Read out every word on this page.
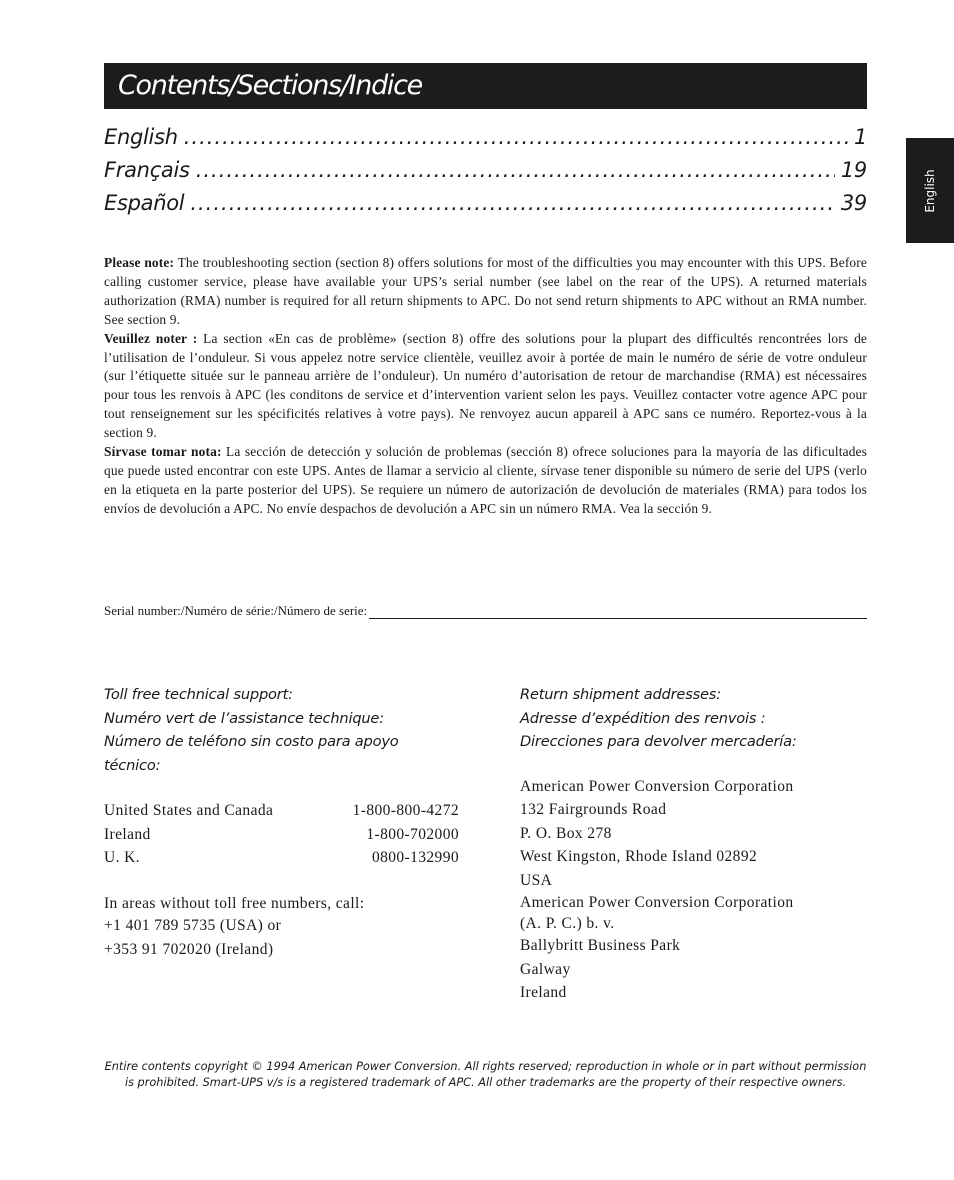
Contents/Sections/Indice
English
English .....	1
Français .....	19
Español .....	39

Please note: The troubleshooting section (section 8) offers solutions for most of the difficulties you may encounter with this UPS. Before calling customer service, please have available your UPS’s serial number (see label on the rear of the UPS). A returned materials authorization (RMA) number is required for all return shipments to APC. Do not send return shipments to APC without an RMA number. See section 9.

Veuillez noter : La section «En cas de problème» (section 8) offre des solutions pour la plupart des difficultés rencontrées lors de l’utilisation de l’onduleur. Si vous appelez notre service clientèle, veuillez avoir à portée de main le numéro de série de votre onduleur (sur l’étiquette située sur le panneau arrière de l’onduleur). Un numéro d’autorisation de retour de marchandise (RMA) est nécessaires pour tous les renvois à APC (les conditons de service et d’intervention varient selon les pays. Veuillez contacter votre agence APC pour tout renseignement sur les spécificités relatives à votre pays). Ne renvoyez aucun appareil à APC sans ce numéro. Reportez-vous à la section 9.

Sírvase tomar nota: La sección de detección y solución de problemas (sección 8) ofrece soluciones para la mayoría de las dificultades que puede usted encontrar con este UPS. Antes de llamar a servicio al cliente, sírvase tener disponible su número de serie del UPS (verlo en la etiqueta en la parte posterior del UPS). Se requiere un número de autorización de devolución de materiales (RMA) para todos los envíos de devolución a APC. No envíe despachos de devolución a APC sin un número RMA. Vea la sección 9.

Serial number:/Numéro de série:/Número de serie:
Toll free technical support:
Numéro vert de l’assistance technique:
Número de teléfono sin costo para apoyo técnico:
United States and Canada	1-800-800-4272
Ireland	1-800-702000
U. K.	0800-132990
In areas without toll free numbers, call:
+1 401 789 5735 (USA) or
+353 91 702020 (Ireland)
Return shipment addresses:
Adresse d’expédition des renvois :
Direcciones para devolver mercadería:
American Power Conversion Corporation
132 Fairgrounds Road
P. O. Box 278
West Kingston, Rhode Island 02892
USA
American Power Conversion Corporation
(A. P. C.) b. v.
Ballybritt Business Park
Galway
Ireland
Entire contents copyright © 1994 American Power Conversion. All rights reserved; reproduction in whole or in part without permission is prohibited. Smart-UPS v/s is a registered trademark of APC. All other trademarks are the property of their respective owners.
